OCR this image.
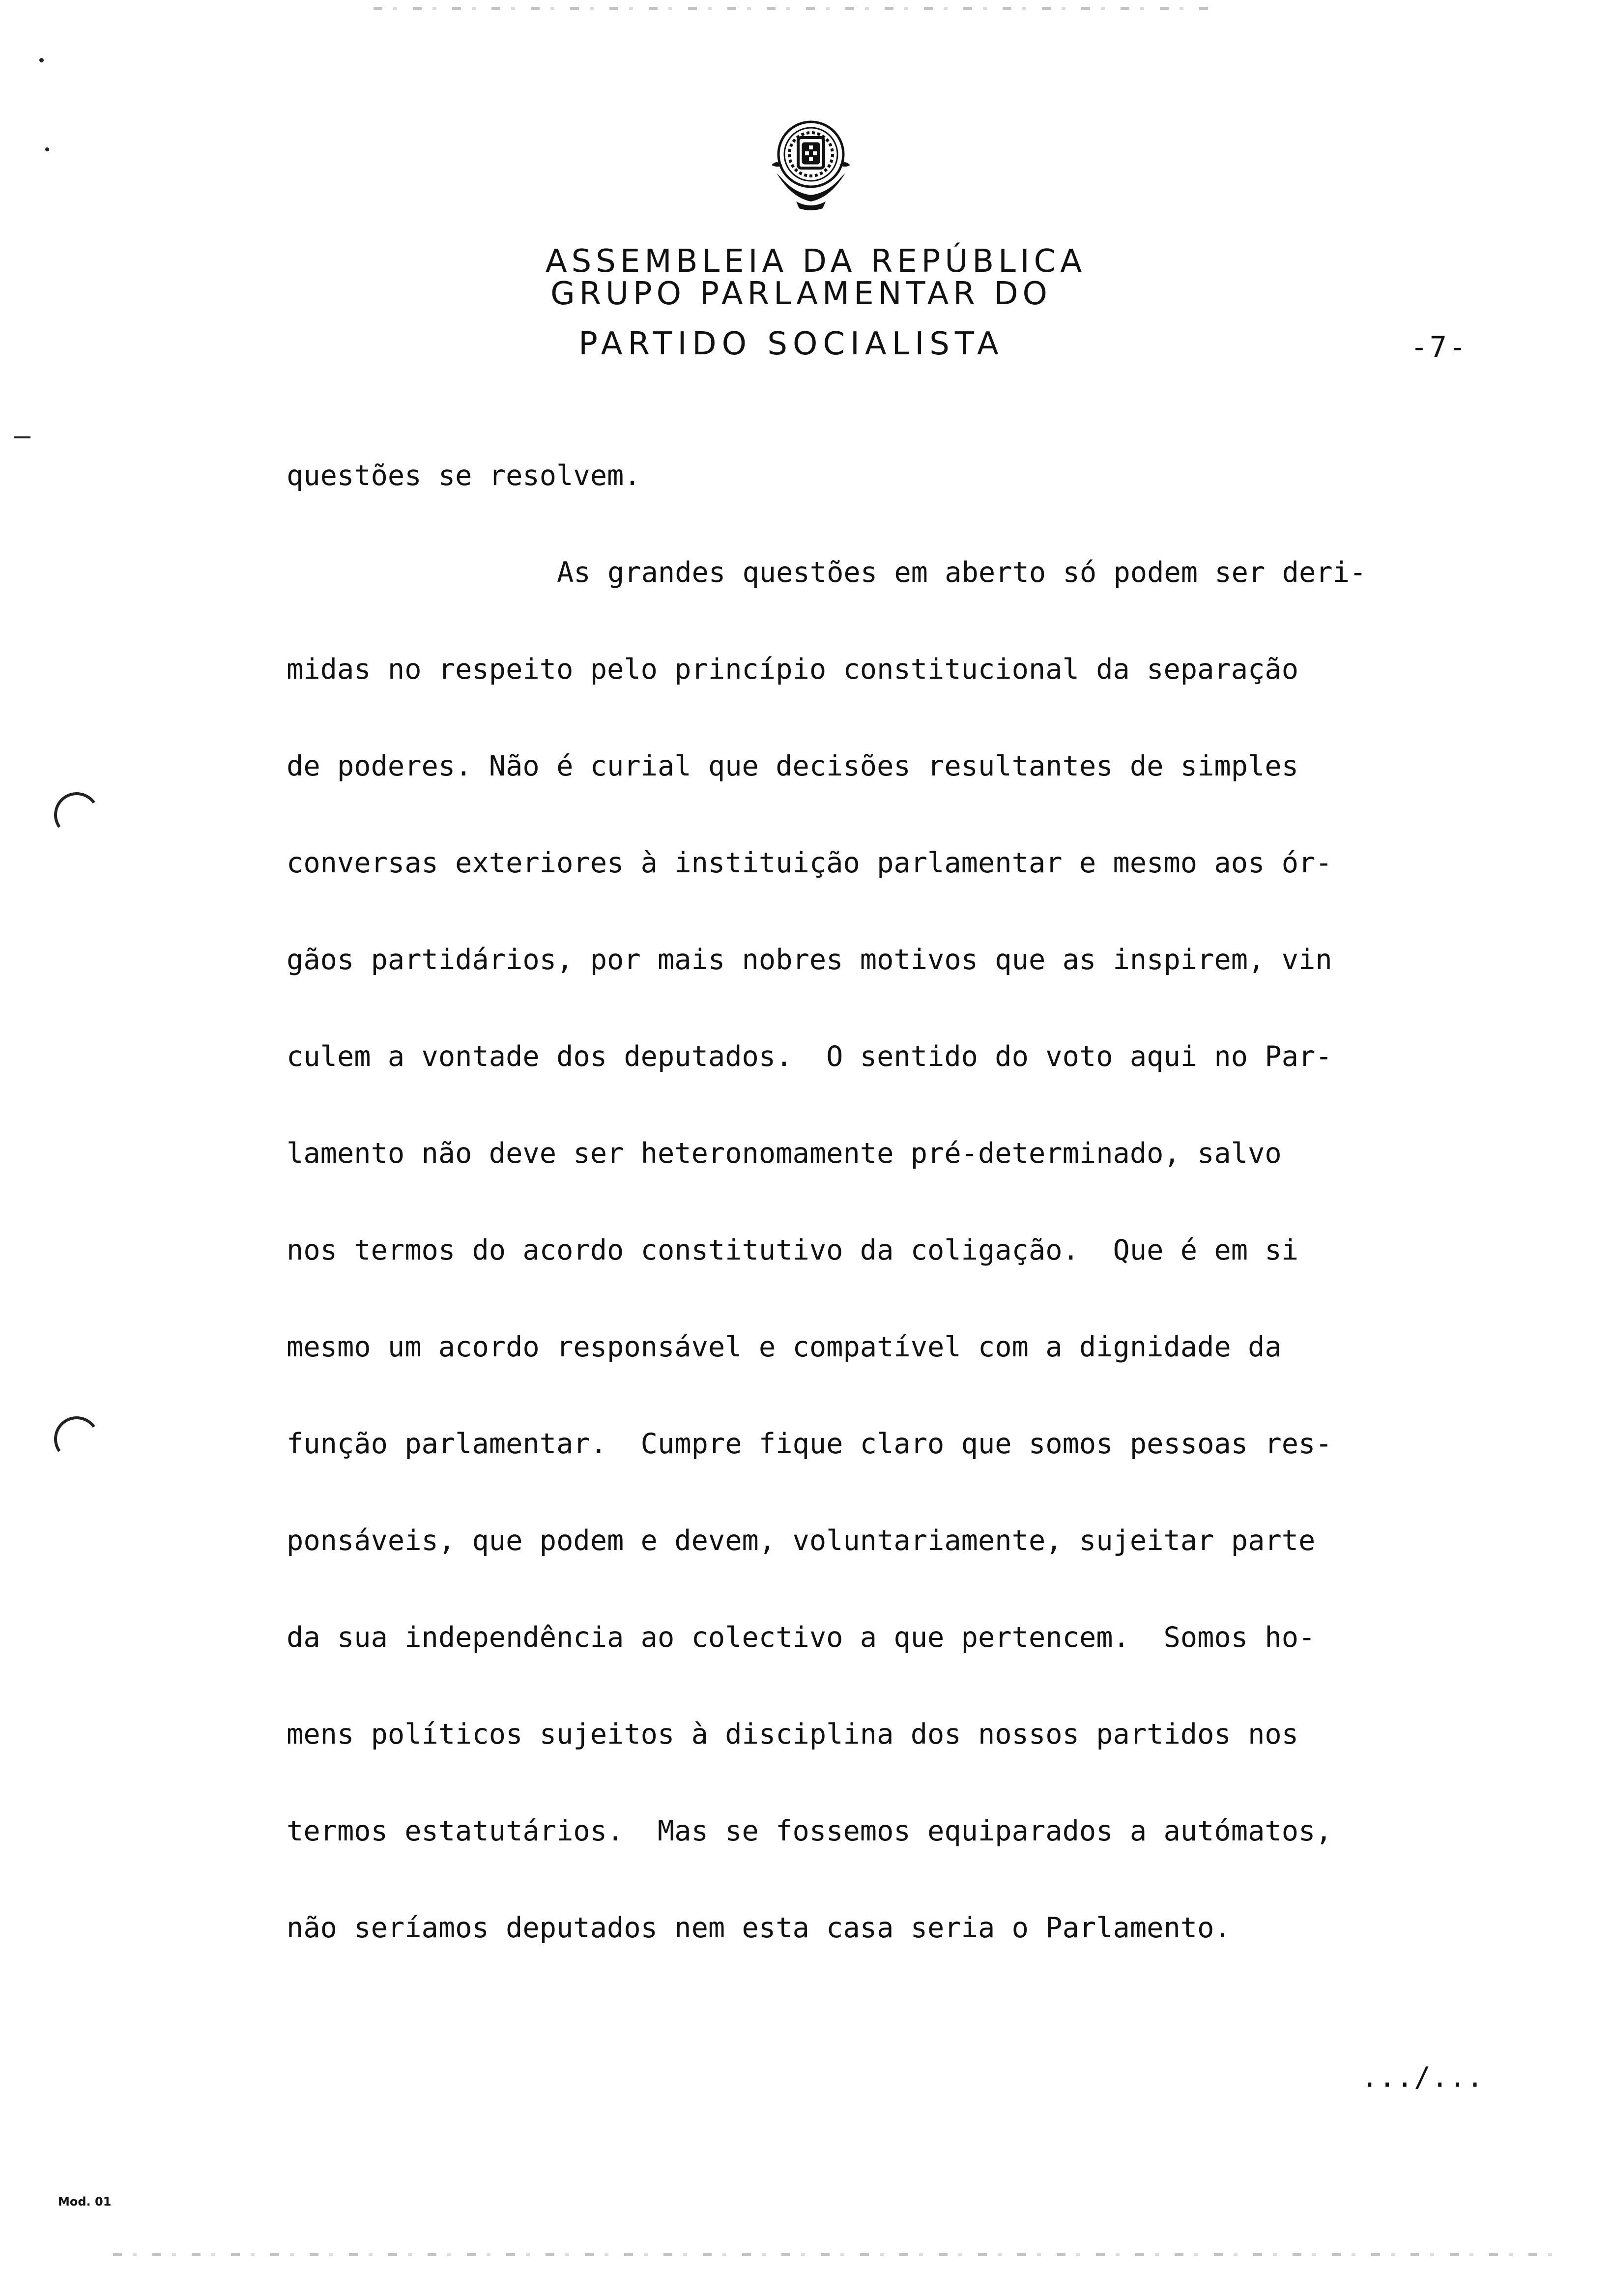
ASSEMBLEIA DA REPÚBLICA
GRUPO PARLAMENTAR DO
PARTIDO SOCIALISTA	-7-
questões se resolvem.
As grandes questões em aberto só podem ser deri-
midas no respeito pelo princípio constitucional da separação
de poderes. Não é curial que decisões resultantes de simples
conversas exteriores à instituição parlamentar e mesmo aos ór-
gãos partidários, por mais nobres motivos que as inspirem, vin
culem a vontade dos deputados.  O sentido do voto aqui no Par-
lamento não deve ser heteronomamente pré-determinado, salvo
nos termos do acordo constitutivo da coligação.  Que é em si
mesmo um acordo responsável e compatível com a dignidade da
função parlamentar.  Cumpre fique claro que somos pessoas res-
ponsáveis, que podem e devem, voluntariamente, sujeitar parte
da sua independência ao colectivo a que pertencem.  Somos ho-
mens políticos sujeitos à disciplina dos nossos partidos nos
termos estatutários.  Mas se fossemos equiparados a autómatos,
não seríamos deputados nem esta casa seria o Parlamento.
.../...
Mod. 01
